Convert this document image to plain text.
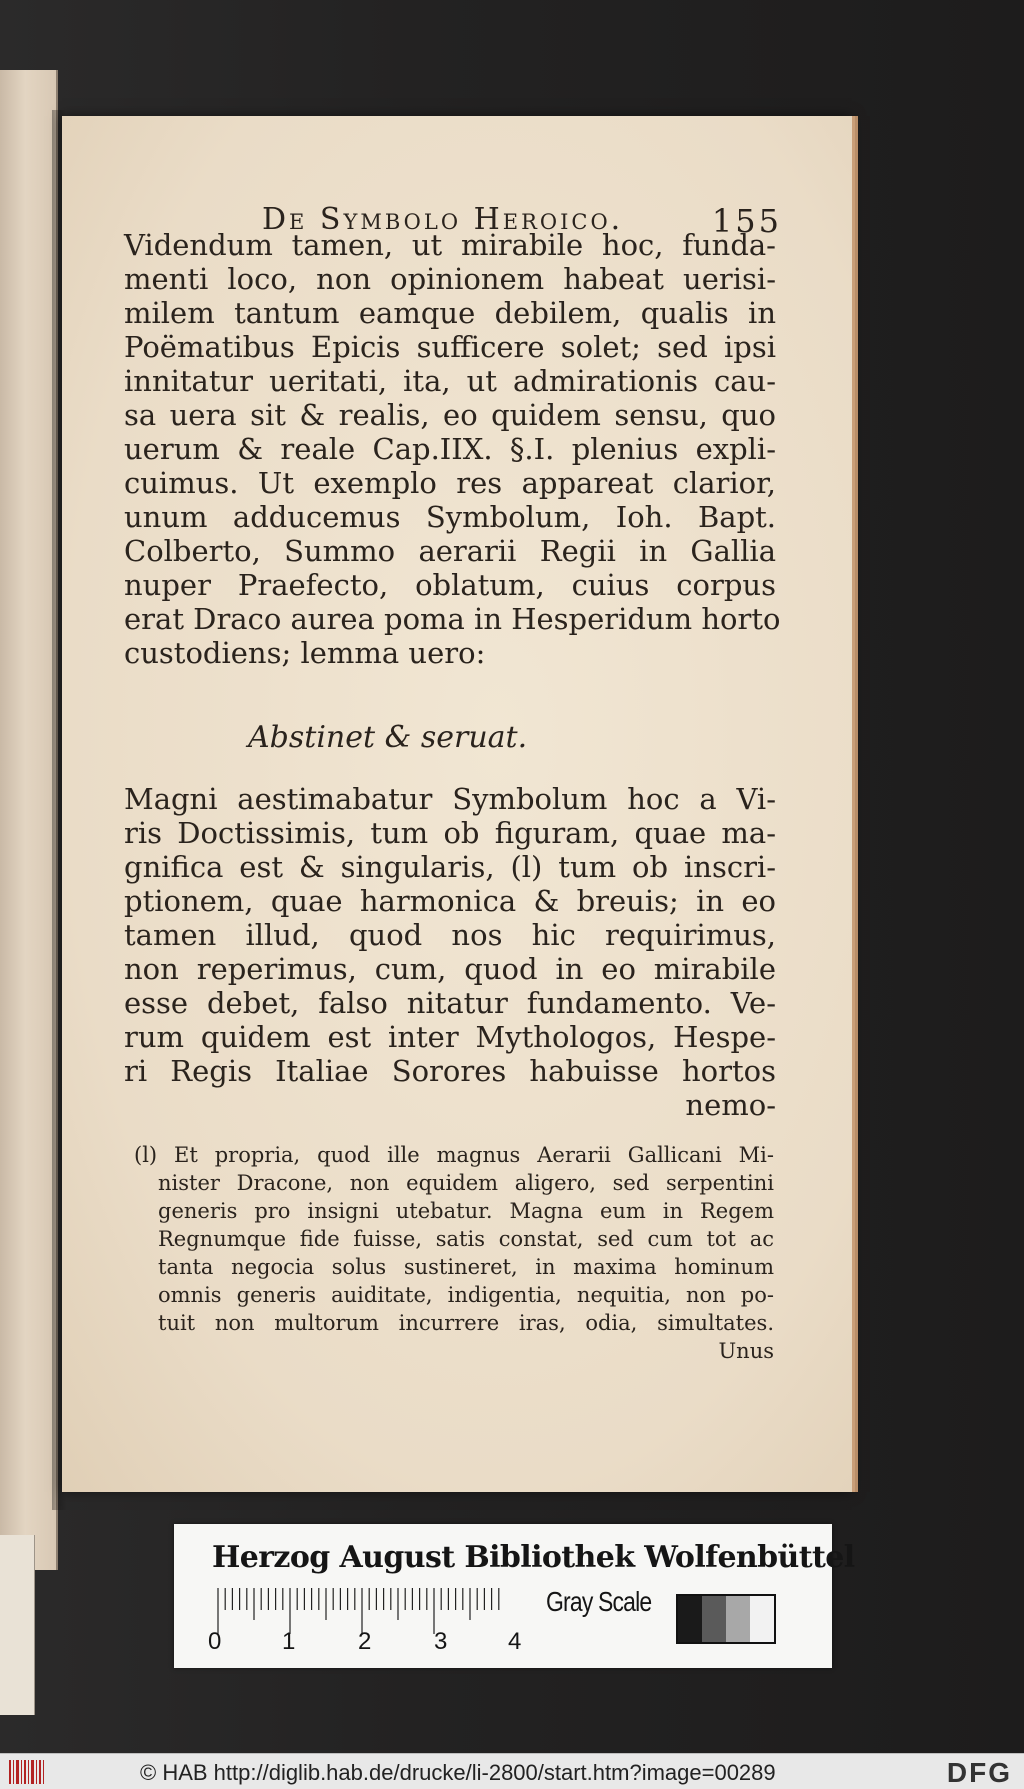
De Symbolo Heroico.	155
Videndum tamen, ut mirabile hoc, funda-
menti loco, non opinionem habeat uerisi-
milem tantum eamque debilem, qualis in
Poëmatibus Epicis sufficere solet; sed ipsi
innitatur ueritati, ita, ut admirationis cau-
sa uera sit & realis, eo quidem sensu, quo
uerum & reale Cap.IIX. §.I. plenius expli-
cuimus. Ut exemplo res appareat clarior,
unum adducemus Symbolum, Ioh. Bapt.
Colberto, Summo aerarii Regii in Gallia
nuper Praefecto, oblatum, cuius corpus
erat Draco aurea poma in Hesperidum horto
custodiens; lemma uero:
Abstinet & seruat.
Magni aestimabatur Symbolum hoc a Vi-
ris Doctissimis, tum ob figuram, quae ma-
gnifica est & singularis, (l) tum ob inscri-
ptionem, quae harmonica & breuis; in eo
tamen illud, quod nos hic requirimus,
non reperimus, cum, quod in eo mirabile
esse debet, falso nitatur fundamento. Ve-
rum quidem est inter Mythologos, Hespe-
ri Regis Italiae Sorores habuisse hortos
nemo-
(l) Et propria, quod ille magnus Aerarii Gallicani Mi-
nister Dracone, non equidem aligero, sed serpentini
generis pro insigni utebatur. Magna eum in Regem
Regnumque fide fuisse, satis constat, sed cum tot ac
tanta negocia solus sustineret, in maxima hominum
omnis generis auiditate, indigentia, nequitia, non po-
tuit non multorum incurrere iras, odia, simultates.
Unus
Herzog August Bibliothek Wolfenbüttel
0	1	2	3	4
Gray Scale
© HAB http://diglib.hab.de/drucke/li-2800/start.htm?image=00289	DFG
